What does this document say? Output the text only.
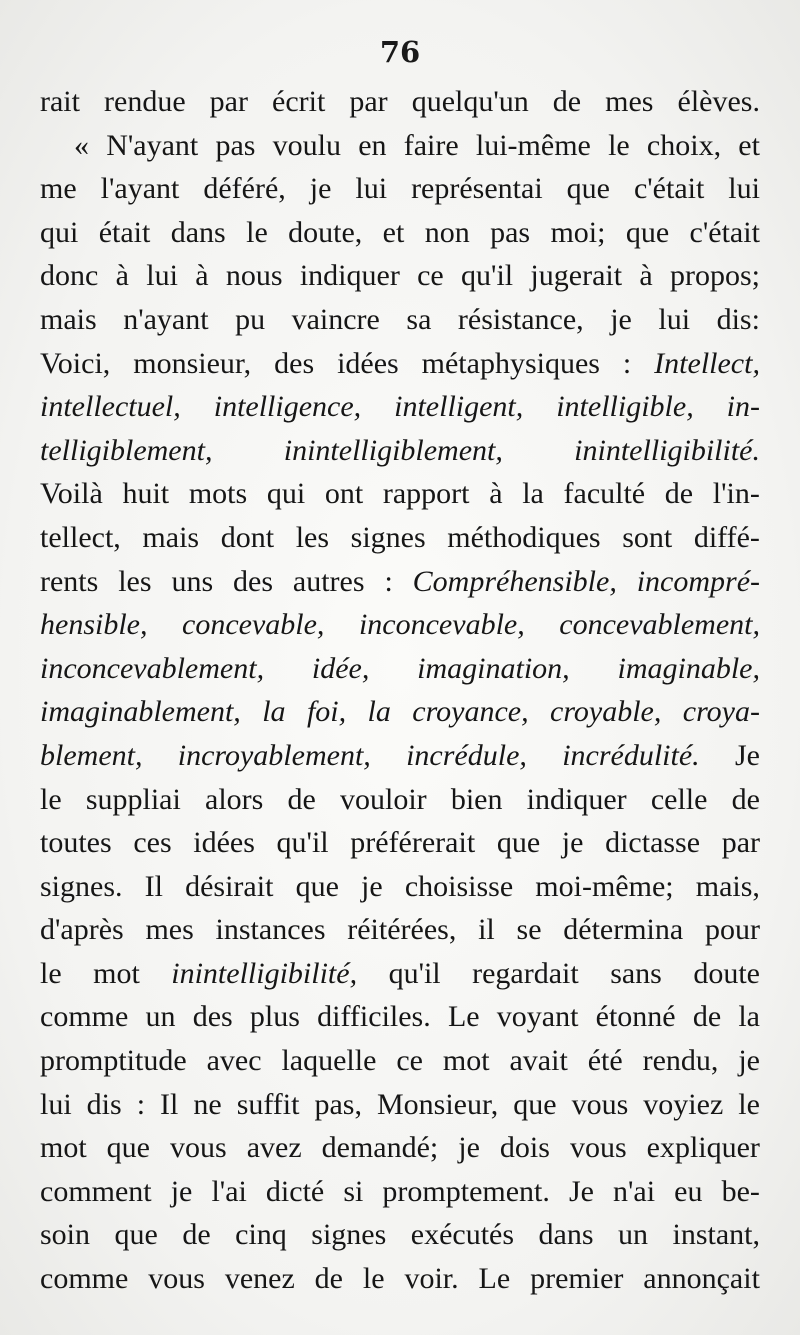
76
rait rendue par écrit par quelqu'un de mes élèves.
« N'ayant pas voulu en faire lui-même le choix, et
me l'ayant déféré, je lui représentai que c'était lui
qui était dans le doute, et non pas moi; que c'était
donc à lui à nous indiquer ce qu'il jugerait à propos;
mais n'ayant pu vaincre sa résistance, je lui dis:
Voici, monsieur, des idées métaphysiques : Intellect,
intellectuel, intelligence, intelligent, intelligible, in-
telligiblement, inintelligiblement, inintelligibilité.
Voilà huit mots qui ont rapport à la faculté de l'in-
tellect, mais dont les signes méthodiques sont diffé-
rents les uns des autres : Compréhensible, incompré-
hensible, concevable, inconcevable, concevablement,
inconcevablement, idée, imagination, imaginable,
imaginablement, la foi, la croyance, croyable, croya-
blement, incroyablement, incrédule, incrédulité. Je
le suppliai alors de vouloir bien indiquer celle de
toutes ces idées qu'il préférerait que je dictasse par
signes. Il désirait que je choisisse moi-même; mais,
d'après mes instances réitérées, il se détermina pour
le mot inintelligibilité, qu'il regardait sans doute
comme un des plus difficiles. Le voyant étonné de la
promptitude avec laquelle ce mot avait été rendu, je
lui dis : Il ne suffit pas, Monsieur, que vous voyiez le
mot que vous avez demandé; je dois vous expliquer
comment je l'ai dicté si promptement. Je n'ai eu be-
soin que de cinq signes exécutés dans un instant,
comme vous venez de le voir. Le premier annonçait
